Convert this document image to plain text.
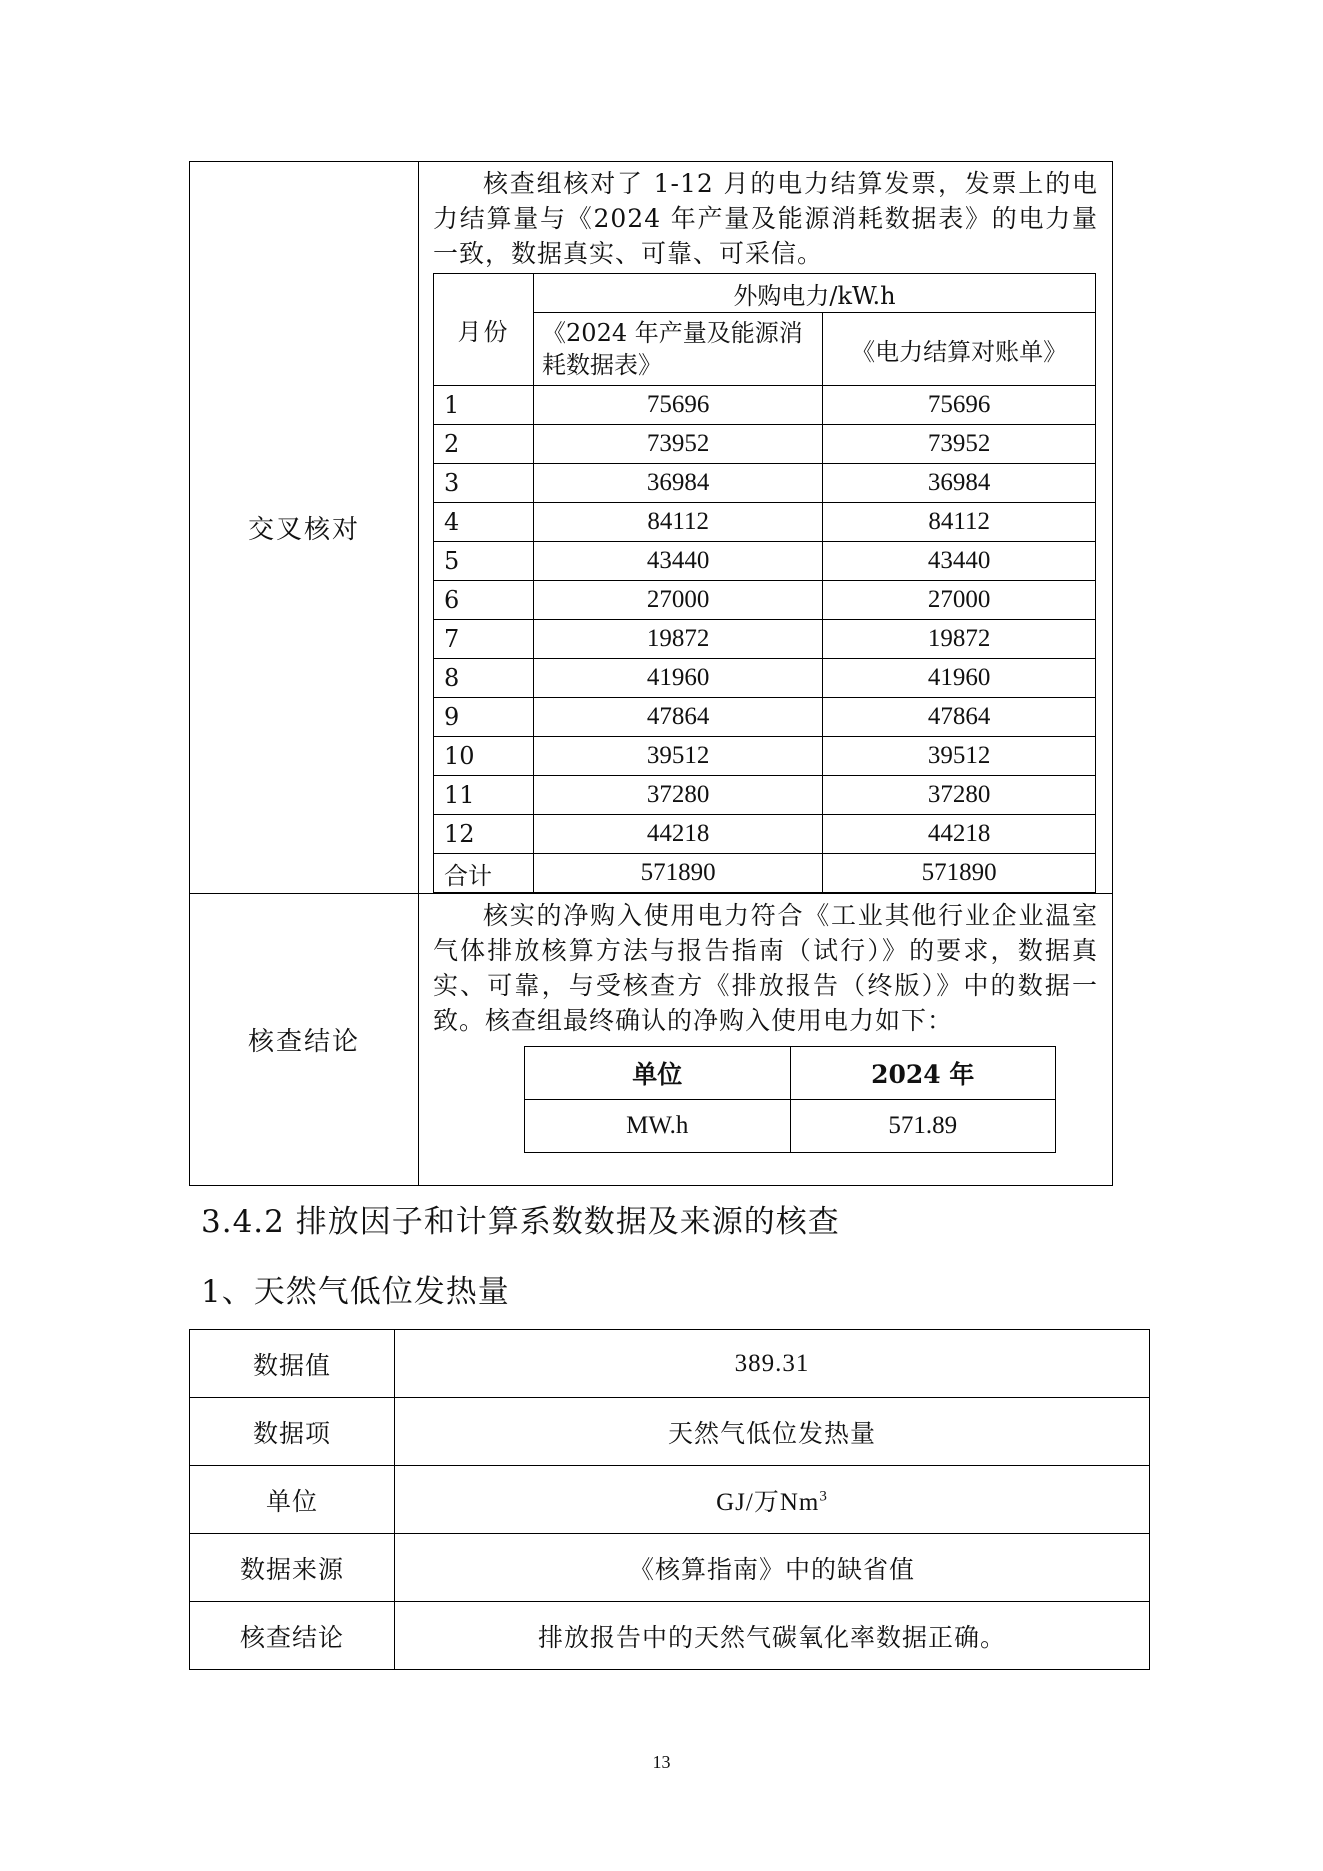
交叉核对	
核查组核对了 1-12 月的电力结算发票，发票上的电力结算量与《2024 年产量及能源消耗数据表》的电力量一致，数据真实、可靠、可采信。
月份	外购电力/kW.h
《2024 年产量及能源消耗数据表》	《电力结算对账单》
1	75696	75696
2	73952	73952
3	36984	36984
4	84112	84112
5	43440	43440
6	27000	27000
7	19872	19872
8	41960	41960
9	47864	47864
10	39512	39512
11	37280	37280
12	44218	44218
合计	571890	571890

核查结论	
核实的净购入使用电力符合《工业其他行业企业温室气体排放核算方法与报告指南（试行）》的要求，数据真实、可靠，与受核查方《排放报告（终版）》中的数据一致。核查组最终确认的净购入使用电力如下：
单位	2024 年
MW.h	571.89
3.4.2 排放因子和计算系数数据及来源的核查
1、天然气低位发热量
数据值	389.31
数据项	天然气低位发热量
单位	GJ/万Nm$^3$
数据来源	《核算指南》中的缺省值
核查结论	排放报告中的天然气碳氧化率数据正确。
13
